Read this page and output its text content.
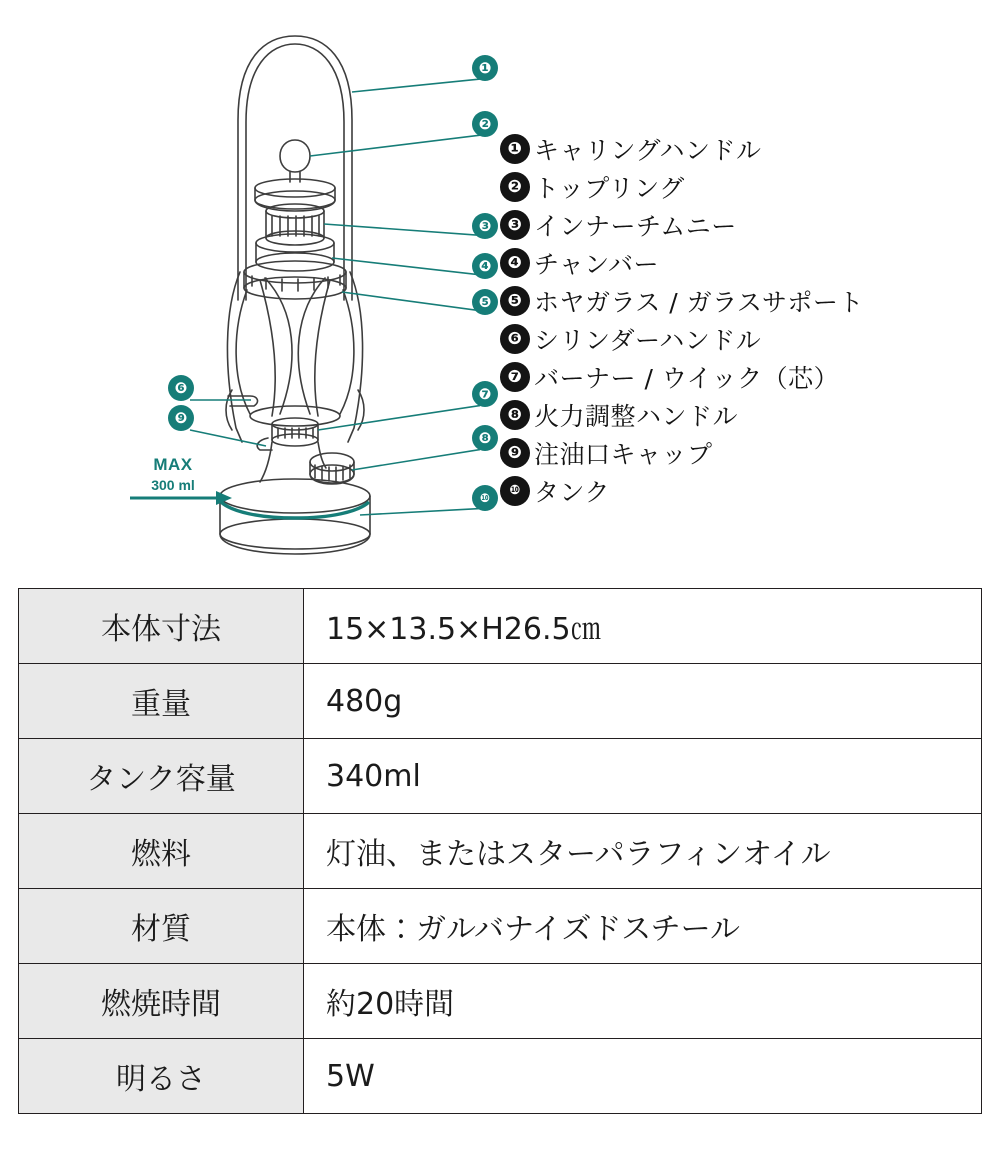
❶
❷
❸
❹
❺
❻	❼
❾
❽
❿
MAX
300 ml
❶ キャリングハンドル
❷ トップリング
❸ インナーチムニー
❹ チャンバー
❺ ホヤガラス / ガラスサポート
❻ シリンダーハンドル
❼ バーナー / ウイック（芯）
❽ 火力調整ハンドル
❾ 注油口キャップ
❿ タンク
本体寸法	15×13.5×H26.5㎝
重量	480g
タンク容量	340ml
燃料	灯油、またはスターパラフィンオイル
材質	本体：ガルバナイズドスチール
燃焼時間	約20時間
明るさ	5W
